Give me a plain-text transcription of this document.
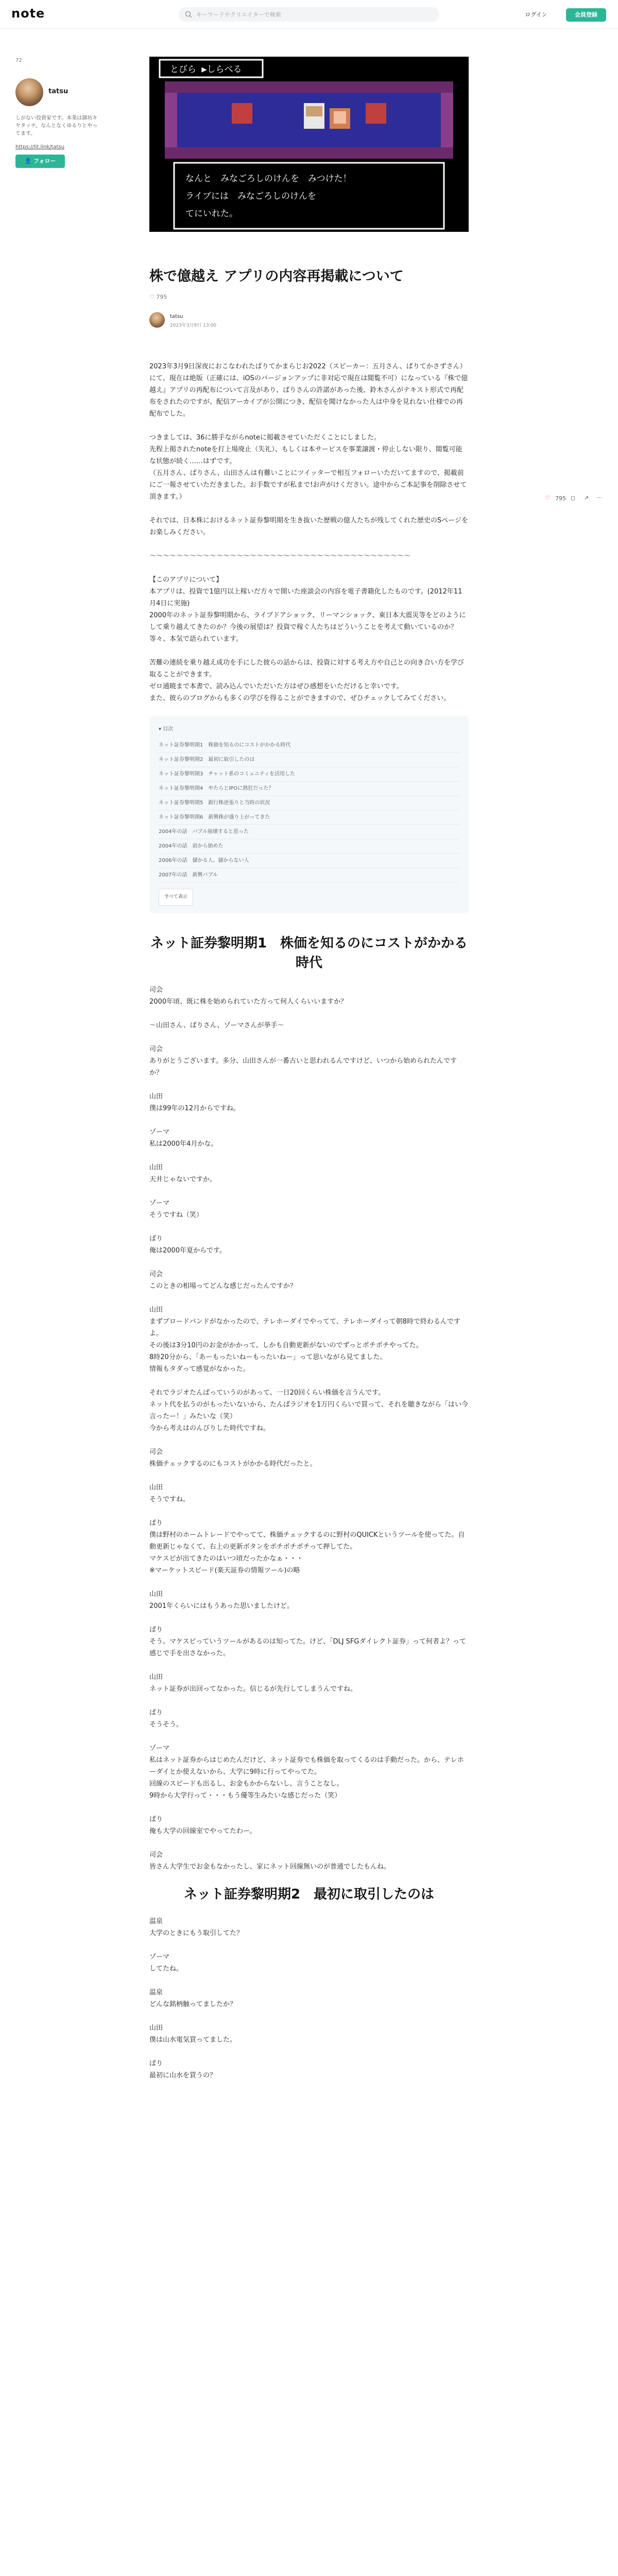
note	キーワードやクリエイターで検索	ログイン	会員登録
72
tatsu
しがない投資家です。本業は御坊キヤタッチ。なんとなくゆるりとやってます。
https://lit.link/tatsu
👤 フォロー
とびら ▶しらべる
なんと　みなごろしのけんを　みつけた！
ライブには　みなごろしのけんを
てにいれた。
株で億越え アプリの内容再掲載について
♡ 795
tatsu
2023年3月9日 13:00
2023年3月9日深夜におこなわれたぱりてかまらじお2022（スピーカー：五月さん、ぱりてかさずさん）にて、現在は絶版（正確には、iOSのバージョンアップに非対応で現在は閲覧不可）になっている『株で億越え』アプリの再配布について言及があり、ぱりさんの許諾があった後、鈴木さんがテキスト形式で再配布をされたのですが、配信アーカイブが公開につき、配信を聞けなかった人は中身を見れない仕様での再配布でした。
つきましては、36に勝手ながらnoteに掲載させていただくことにしました。
先程上掲されたnoteを打上場廃止（失礼）、もしくは本サービスを事業譲渡・停止しない限り、閲覧可能な状態が続く……はずです。
（五月さん、ぱりさん、山田さんは有難いことにツイッターで相互フォローいただいてますので、掲載前にご一報させていただきました。お手数ですが私まで!お声がけください。途中からご本記事を削除させて頂きます。）
それでは、日本株におけるネット証券黎明期を生き抜いた歴戦の億人たちが残してくれた歴史のSページをお楽しみください。
〜〜〜〜〜〜〜〜〜〜〜〜〜〜〜〜〜〜〜〜〜〜〜〜〜〜〜〜〜〜〜〜〜〜〜〜〜〜〜
【このアプリについて】
本アプリは、投資で1億円以上稼いだ方々で開いた座談会の内容を電子書籍化したものです。(2012年11月4日に実施)
2000年のネット証券黎明期から、ライブドアショック、リーマンショック、東日本大震災等をどのようにして乗り越えてきたのか？今後の展望は？投資で稼ぐ人たちはどういうことを考えて動いているのか？等々、本気で語られています。
苦難の連続を乗り越え成功を手にした彼らの話からは、投資に対する考え方や自己との向き合い方を学び取ることができます。
ゼロ通暁まで本書で、読み込んでいただいた方はぜひ感想をいただけると幸いです。
また、彼らのブログからも多くの学びを得ることができますので、ぜひチェックしてみてください。
▾ 目次
ネット証券黎明期1　株価を知るのにコストがかかる時代
ネット証券黎明期2　最初に取引したのは
ネット証券黎明期3　チャット系のコミュニティを活用した
ネット証券黎明期4　やたらとIPOに熱狂だった？
ネット証券黎明期5　銀行株逆張りと当時の状況
ネット証券黎明期6　新興株が盛り上がってきた
2004年の話　バブル崩壊すると思った
2004年の話　前から始めた
2006年の話　儲かる人、儲からない人
2007年の話　新興バブル
すべて表示
ネット証券黎明期1　株価を知るのにコストがかかる時代
司会
2000年頃、既に株を始められていた方って何人くらいいますか？
〜山田さん、ぱりさん、ゾーマさんが挙手〜
司会
ありがとうございます。多分、山田さんが一番古いと思われるんですけど、いつから始められたんですか？
山田
僕は99年の12月からですね。
ゾーマ
私は2000年4月かな。
山田
天井じゃないですか。
ゾーマ
そうですね（笑）
ぱり
俺は2000年夏からです。
司会
このときの相場ってどんな感じだったんですか？
山田
まずブロードバンドがなかったので、テレホーダイでやってて、テレホーダイって朝8時で終わるんですよ。
その後は3分10円のお金がかかって、しかも自動更新がないのでずっとポチポチやってた。
8時20分から、「あーもったいねーもったいねー」って思いながら見てました。
情報もタダって感覚がなかった。
それでラジオたんぱっていうのがあって、一日20回くらい株価を言うんです。
ネット代を払うのがもったいないから、たんぱラジオを1万円くらいで買って、それを聴きながら「はい今言ったー！」みたいな（笑）
今から考えはのんびりした時代ですね。
司会
株価チェックするのにもコストがかかる時代だったと。
山田
そうですね。
ぱり
僕は野村のホームトレードでやってて、株価チェックするのに野村のQUICKというツールを使ってた。自動更新じゃなくて、右上の更新ボタンをポチポチポチって押してた。
マケスピが出てきたのはいつ頃だったかなぁ・・・
※マーケットスピード(楽天証券の情報ツール)の略
山田
2001年くらいにはもうあった思いましたけど。
ぱり
そう。マケスピっていうツールがあるのは知ってた。けど、「DLJ SFGダイレクト証券」って何者よ？って感じで手を出さなかった。
山田
ネット証券が出回ってなかった。信じるが先行してしまうんですね。
ぱり
そうそう。
ゾーマ
私はネット証券からはじめたんだけど、ネット証券でも株価を取ってくるのは手動だった。から、テレホーダイとか使えないから、大学に9時に行ってやってた。
回線のスピードも出るし、お金もかからないし、言うことなし。
9時から大学行って・・・もう優等生みたいな感じだった（笑）
ぱり
俺も大学の回線室でやってたわー。
司会
皆さん大学生でお金もなかったし、家にネット回線無いのが普通でしたもんね。
ネット証券黎明期2　最初に取引したのは
温泉
大学のときにもう取引してた？
ゾーマ
してたね。
温泉
どんな銘柄触ってましたか？
山田
僕は山水電気買ってました。
ぱり
最初に山水を買うの？
♡ 795 ◻ ↗ ⋯
